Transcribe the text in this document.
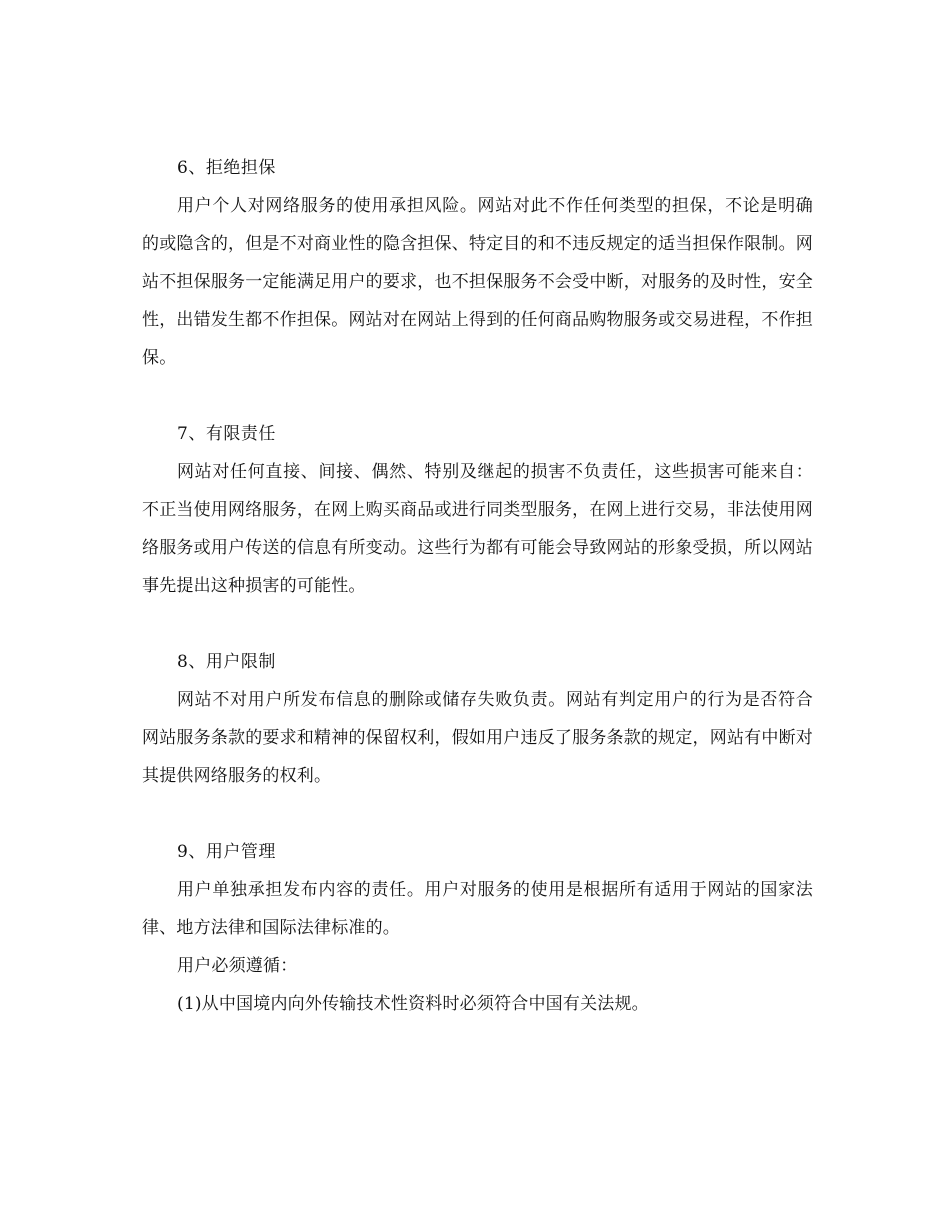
6、拒绝担保

用户个人对网络服务的使用承担风险。网站对此不作任何类型的担保，不论是明确的或隐含的，但是不对商业性的隐含担保、特定目的和不违反规定的适当担保作限制。网站不担保服务一定能满足用户的要求，也不担保服务不会受中断，对服务的及时性，安全性，出错发生都不作担保。网站对在网站上得到的任何商品购物服务或交易进程，不作担保。

7、有限责任

网站对任何直接、间接、偶然、特别及继起的损害不负责任，这些损害可能来自：不正当使用网络服务，在网上购买商品或进行同类型服务，在网上进行交易，非法使用网络服务或用户传送的信息有所变动。这些行为都有可能会导致网站的形象受损，所以网站事先提出这种损害的可能性。

8、用户限制

网站不对用户所发布信息的删除或储存失败负责。网站有判定用户的行为是否符合网站服务条款的要求和精神的保留权利，假如用户违反了服务条款的规定，网站有中断对其提供网络服务的权利。

9、用户管理

用户单独承担发布内容的责任。用户对服务的使用是根据所有适用于网站的国家法律、地方法律和国际法律标准的。

用户必须遵循：

(1)从中国境内向外传输技术性资料时必须符合中国有关法规。
